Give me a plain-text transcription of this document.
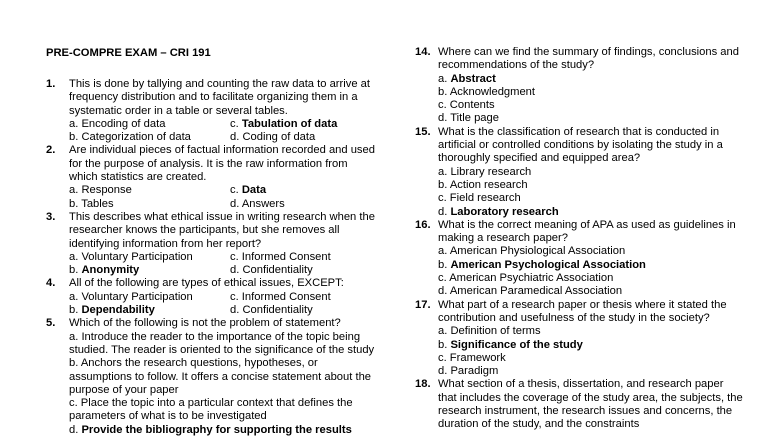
PRE-COMPRE EXAM – CRI 191
1. This is done by tallying and counting the raw data to arrive at frequency distribution and to facilitate organizing them in a systematic order in a table or several tables.
a. Encoding of data	c. Tabulation of data
b. Categorization of data	d. Coding of data
2. Are individual pieces of factual information recorded and used for the purpose of analysis. It is the raw information from which statistics are created.
a. Response	c. Data
b. Tables	d. Answers
3. This describes what ethical issue in writing research when the researcher knows the participants, but she removes all identifying information from her report?
a. Voluntary Participation	c. Informed Consent
b. Anonymity	d. Confidentiality
4. All of the following are types of ethical issues, EXCEPT:
a. Voluntary Participation	c. Informed Consent
b. Dependability	d. Confidentiality
5. Which of the following is not the problem of statement?
a. Introduce the reader to the importance of the topic being studied. The reader is oriented to the significance of the study
b. Anchors the research questions, hypotheses, or assumptions to follow. It offers a concise statement about the purpose of your paper
c. Place the topic into a particular context that defines the parameters of what is to be investigated
d. Provide the bibliography for supporting the results
14. Where can we find the summary of findings, conclusions and recommendations of the study?
a. Abstract
b. Acknowledgment
c. Contents
d. Title page
15. What is the classification of research that is conducted in artificial or controlled conditions by isolating the study in a thoroughly specified and equipped area?
a. Library research
b. Action research
c. Field research
d. Laboratory research
16. What is the correct meaning of APA as used as guidelines in making a research paper?
a. American Physiological Association
b. American Psychological Association
c. American Psychiatric Association
d. American Paramedical Association
17. What part of a research paper or thesis where it stated the contribution and usefulness of the study in the society?
a. Definition of terms
b. Significance of the study
c. Framework
d. Paradigm
18. What section of a thesis, dissertation, and research paper that includes the coverage of the study area, the subjects, the research instrument, the research issues and concerns, the duration of the study, and the constraints
